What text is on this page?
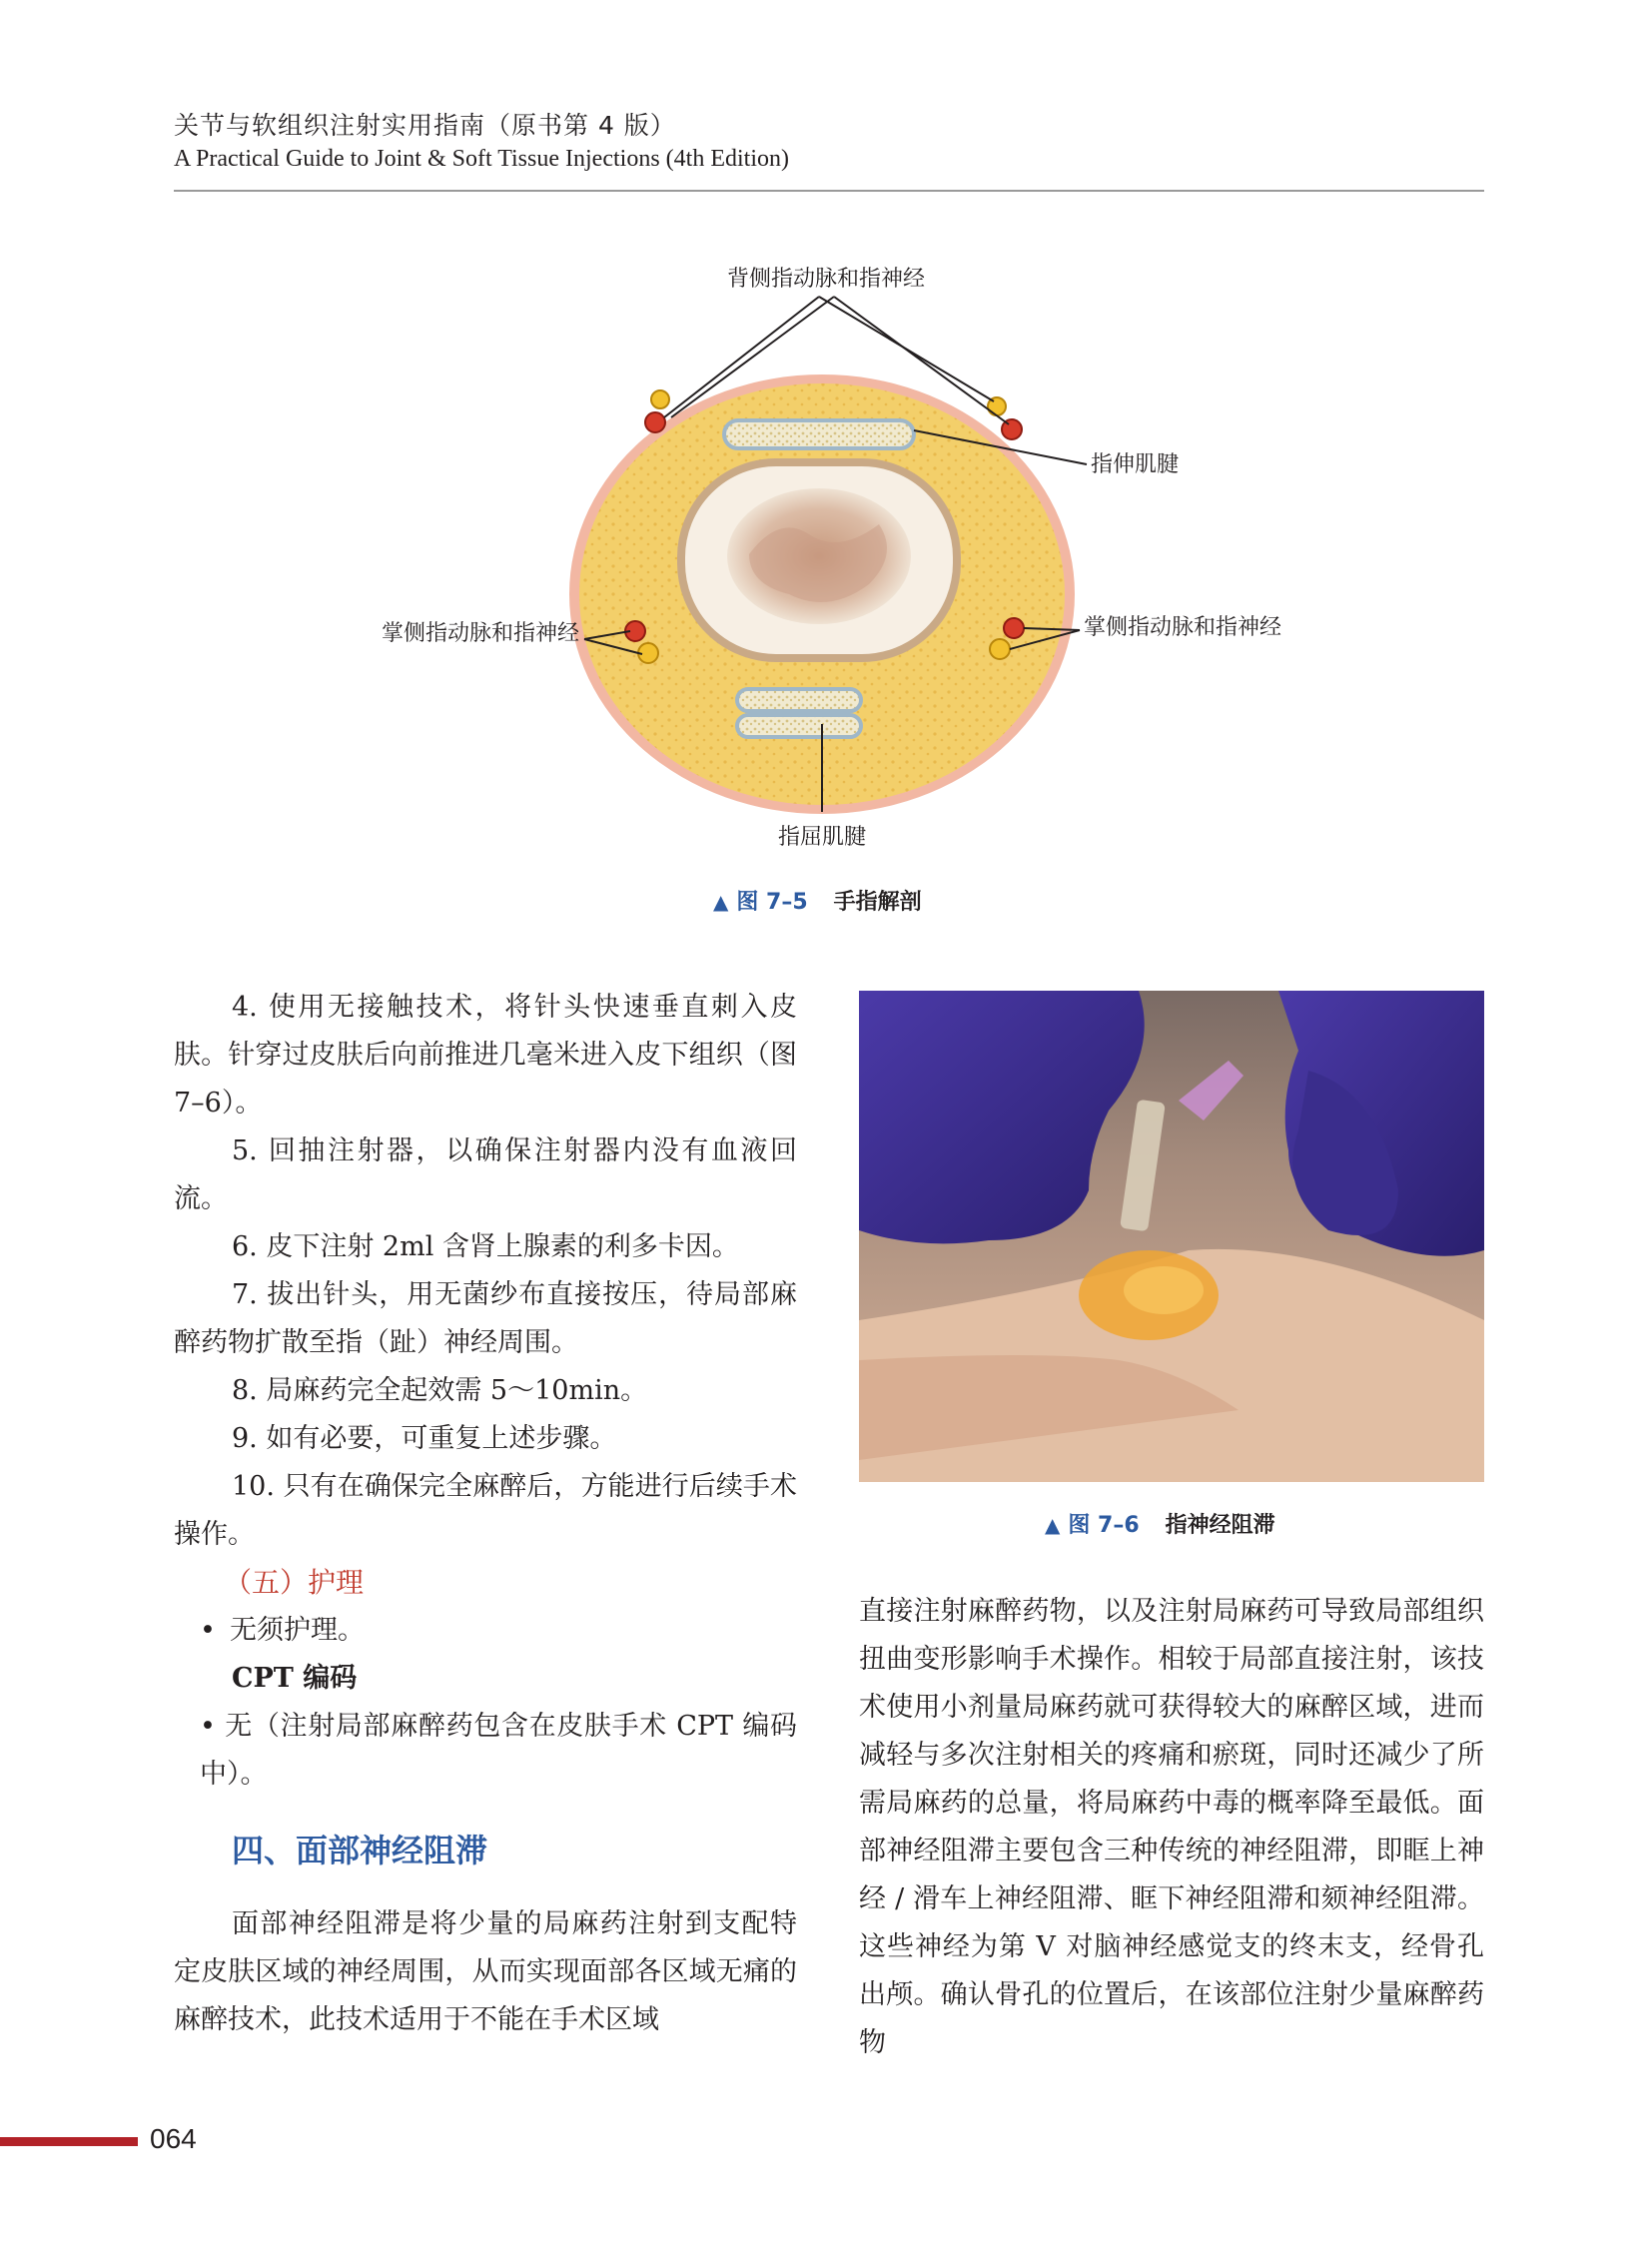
关节与软组织注射实用指南（原书第 4 版）
A Practical Guide to Joint & Soft Tissue Injections (4th Edition)
背侧指动脉和指神经
指伸肌腱
掌侧指动脉和指神经	掌侧指动脉和指神经
指屈肌腱
▲ 图 7–5 手指解剖
▲ 图 7–6 指神经阻滞

4. 使用无接触技术，将针头快速垂直刺入皮肤。针穿过皮肤后向前推进几毫米进入皮下组织（图 7–6）。

5. 回抽注射器，以确保注射器内没有血液回流。

6. 皮下注射 2ml 含肾上腺素的利多卡因。

7. 拔出针头，用无菌纱布直接按压，待局部麻醉药物扩散至指（趾）神经周围。

8. 局麻药完全起效需 5～10min。

9. 如有必要，可重复上述步骤。

10. 只有在确保完全麻醉后，方能进行后续手术操作。

（五）护理

• 无须护理。

CPT 编码

• 无（注射局部麻醉药包含在皮肤手术 CPT 编码中）。

四、面部神经阻滞

面部神经阻滞是将少量的局麻药注射到支配特定皮肤区域的神经周围，从而实现面部各区域无痛的麻醉技术，此技术适用于不能在手术区域

直接注射麻醉药物，以及注射局麻药可导致局部组织扭曲变形影响手术操作。相较于局部直接注射，该技术使用小剂量局麻药就可获得较大的麻醉区域，进而减轻与多次注射相关的疼痛和瘀斑，同时还减少了所需局麻药的总量，将局麻药中毒的概率降至最低。面部神经阻滞主要包含三种传统的神经阻滞，即眶上神经 / 滑车上神经阻滞、眶下神经阻滞和颏神经阻滞。这些神经为第 Ⅴ 对脑神经感觉支的终末支，经骨孔出颅。确认骨孔的位置后，在该部位注射少量麻醉药物

064
